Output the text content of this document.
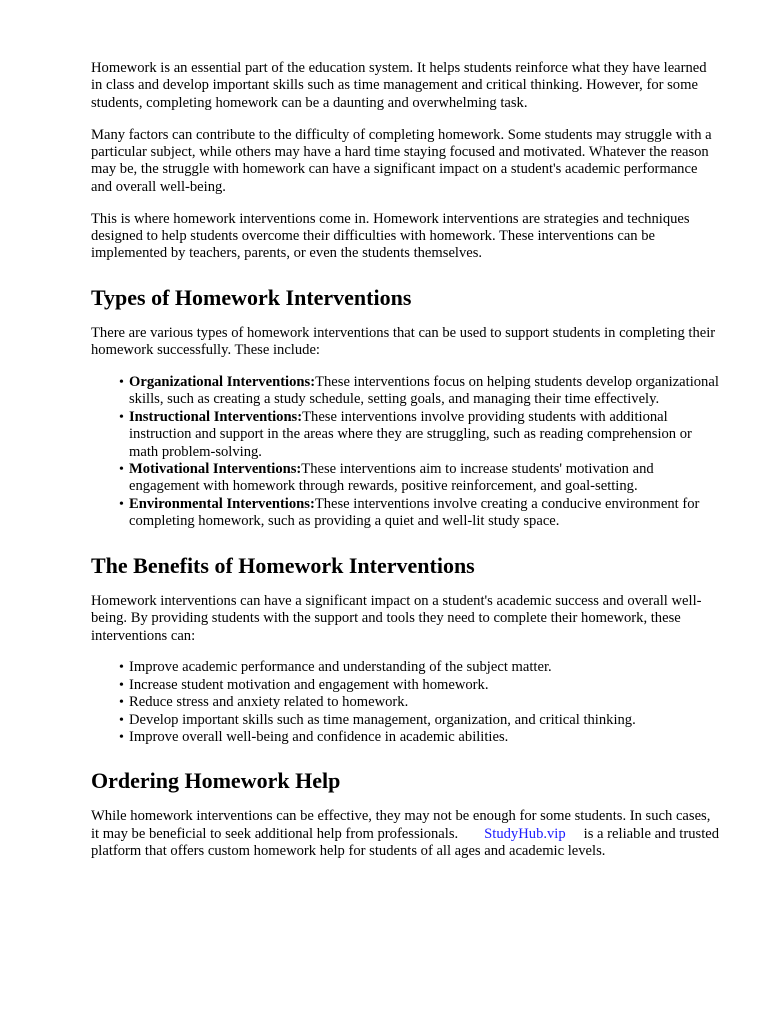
Homework is an essential part of the education system. It helps students reinforce what they have learned in class and develop important skills such as time management and critical thinking. However, for some students, completing homework can be a daunting and overwhelming task.

Many factors can contribute to the difficulty of completing homework. Some students may struggle with a particular subject, while others may have a hard time staying focused and motivated. Whatever the reason may be, the struggle with homework can have a significant impact on a student's academic performance and overall well-being.

This is where homework interventions come in. Homework interventions are strategies and techniques designed to help students overcome their difficulties with homework. These interventions can be implemented by teachers, parents, or even the students themselves.

Types of Homework Interventions

There are various types of homework interventions that can be used to support students in completing their homework successfully. These include:

• Organizational Interventions:These interventions focus on helping students develop organizational skills, such as creating a study schedule, setting goals, and managing their time effectively.
• Instructional Interventions:These interventions involve providing students with additional instruction and support in the areas where they are struggling, such as reading comprehension or math problem-solving.
• Motivational Interventions:These interventions aim to increase students' motivation and engagement with homework through rewards, positive reinforcement, and goal-setting.
• Environmental Interventions:These interventions involve creating a conducive environment for completing homework, such as providing a quiet and well-lit study space.
The Benefits of Homework Interventions

Homework interventions can have a significant impact on a student's academic success and overall well-being. By providing students with the support and tools they need to complete their homework, these interventions can:

• Improve academic performance and understanding of the subject matter.
• Increase student motivation and engagement with homework.
• Reduce stress and anxiety related to homework.
• Develop important skills such as time management, organization, and critical thinking.
• Improve overall well-being and confidence in academic abilities.
Ordering Homework Help

While homework interventions can be effective, they may not be enough for some students. In such cases, it may be beneficial to seek additional help from professionals. StudyHub.vip is a reliable and trusted platform that offers custom homework help for students of all ages and academic levels.
